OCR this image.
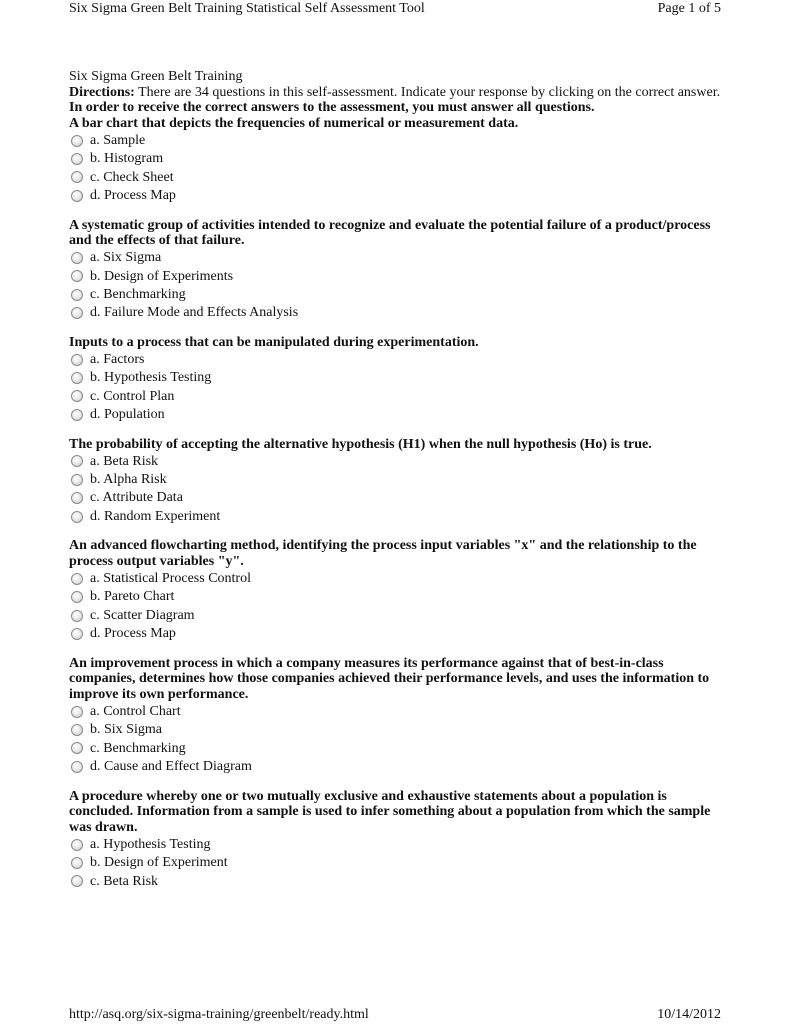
Six Sigma Green Belt Training Statistical Self Assessment Tool	Page 1 of 5
Six Sigma Green Belt Training
Directions: There are 34 questions in this self-assessment. Indicate your response by clicking on the correct answer. In order to receive the correct answers to the assessment, you must answer all questions.
A bar chart that depicts the frequencies of numerical or measurement data.
a. Sample
b. Histogram
c. Check Sheet
d. Process Map
A systematic group of activities intended to recognize and evaluate the potential failure of a product/process and the effects of that failure.
a. Six Sigma
b. Design of Experiments
c. Benchmarking
d. Failure Mode and Effects Analysis
Inputs to a process that can be manipulated during experimentation.
a. Factors
b. Hypothesis Testing
c. Control Plan
d. Population
The probability of accepting the alternative hypothesis (H1) when the null hypothesis (Ho) is true.
a. Beta Risk
b. Alpha Risk
c. Attribute Data
d. Random Experiment
An advanced flowcharting method, identifying the process input variables "x" and the relationship to the process output variables "y".
a. Statistical Process Control
b. Pareto Chart
c. Scatter Diagram
d. Process Map
An improvement process in which a company measures its performance against that of best-in-class companies, determines how those companies achieved their performance levels, and uses the information to improve its own performance.
a. Control Chart
b. Six Sigma
c. Benchmarking
d. Cause and Effect Diagram
A procedure whereby one or two mutually exclusive and exhaustive statements about a population is concluded. Information from a sample is used to infer something about a population from which the sample was drawn.
a. Hypothesis Testing
b. Design of Experiment
c. Beta Risk
http://asq.org/six-sigma-training/greenbelt/ready.html	10/14/2012
